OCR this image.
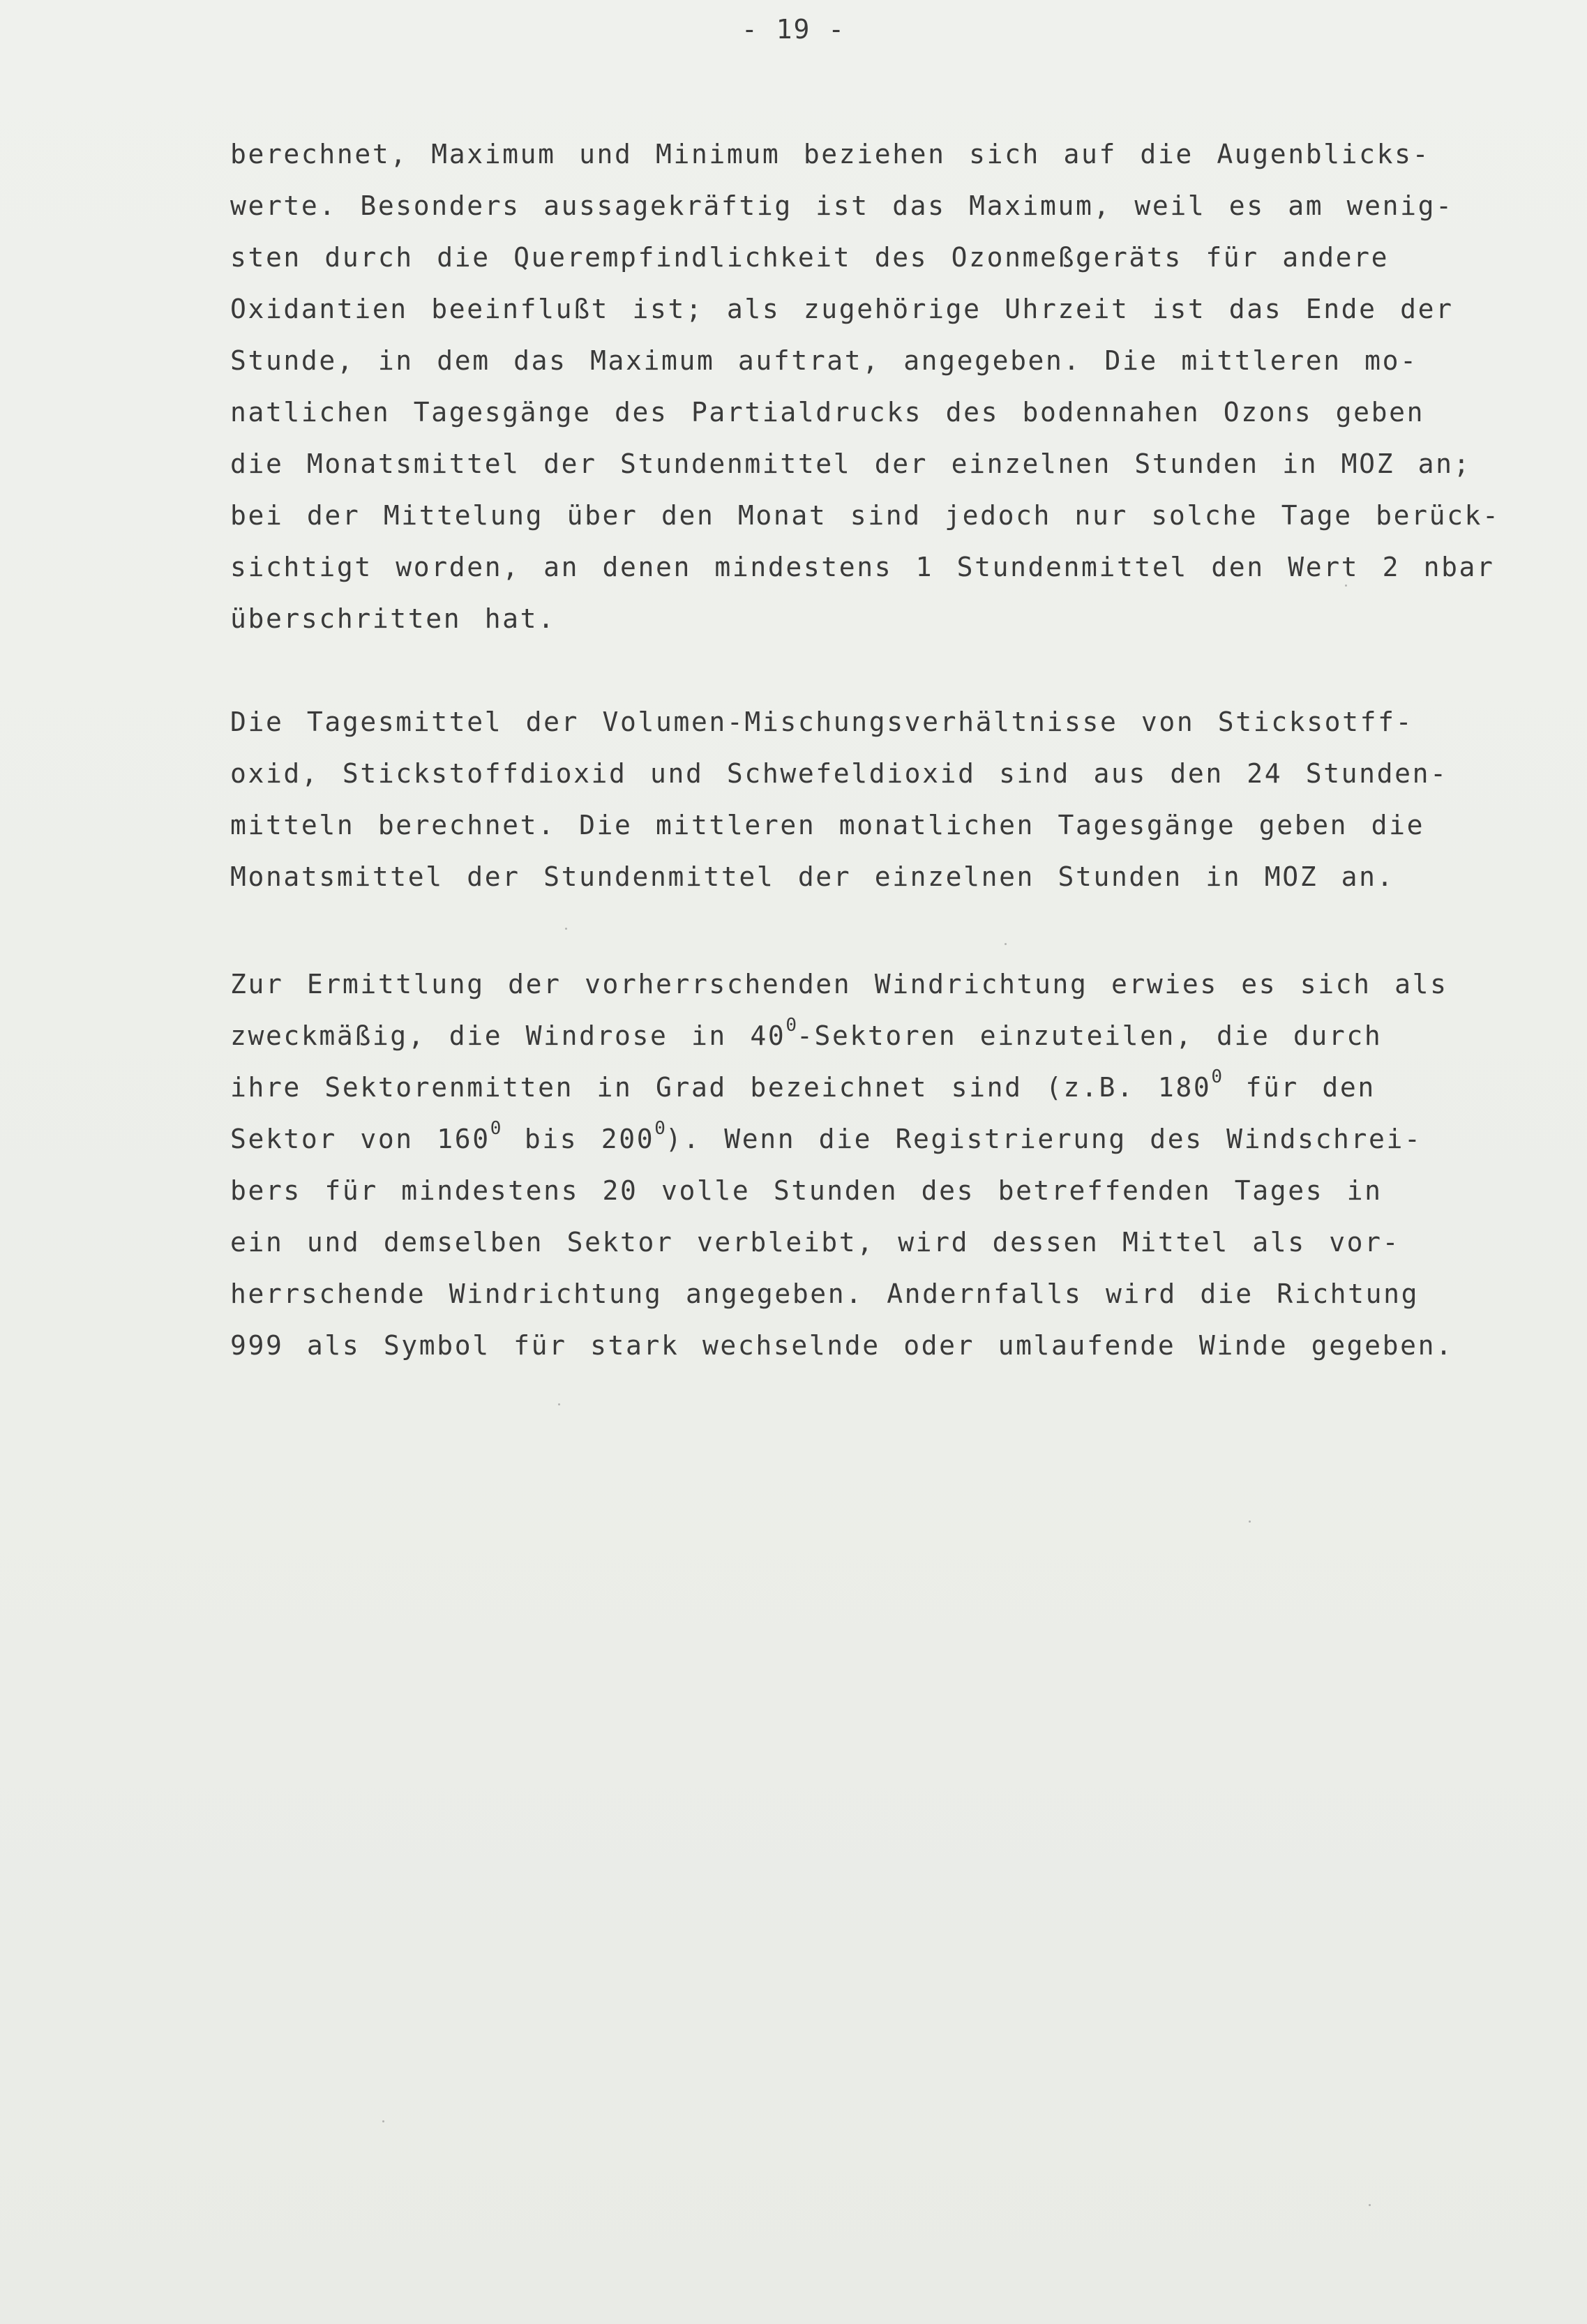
- 19 -
berechnet, Maximum und Minimum beziehen sich auf die Augenblicks-
werte. Besonders aussagekräftig ist das Maximum, weil es am wenig-
sten durch die Querempfindlichkeit des Ozonmeßgeräts für andere
Oxidantien beeinflußt ist; als zugehörige Uhrzeit ist das Ende der
Stunde, in dem das Maximum auftrat, angegeben. Die mittleren mo-
natlichen Tagesgänge des Partialdrucks des bodennahen Ozons geben
die Monatsmittel der Stundenmittel der einzelnen Stunden in MOZ an;
bei der Mittelung über den Monat sind jedoch nur solche Tage berück-
sichtigt worden, an denen mindestens 1 Stundenmittel den Wert 2 nbar
überschritten hat.
Die Tagesmittel der Volumen-Mischungsverhältnisse von Sticksotff-
oxid, Stickstoffdioxid und Schwefeldioxid sind aus den 24 Stunden-
mitteln berechnet. Die mittleren monatlichen Tagesgänge geben die
Monatsmittel der Stundenmittel der einzelnen Stunden in MOZ an.
Zur Ermittlung der vorherrschenden Windrichtung erwies es sich als
zweckmäßig, die Windrose in $40^0$-Sektoren einzuteilen, die durch
ihre Sektorenmitten in Grad bezeichnet sind (z.B. $180^0$ für den
Sektor von $160^0$ bis $200^0$). Wenn die Registrierung des Windschrei-
bers für mindestens 20 volle Stunden des betreffenden Tages in
ein und demselben Sektor verbleibt, wird dessen Mittel als vor-
herrschende Windrichtung angegeben. Andernfalls wird die Richtung
999 als Symbol für stark wechselnde oder umlaufende Winde gegeben.
